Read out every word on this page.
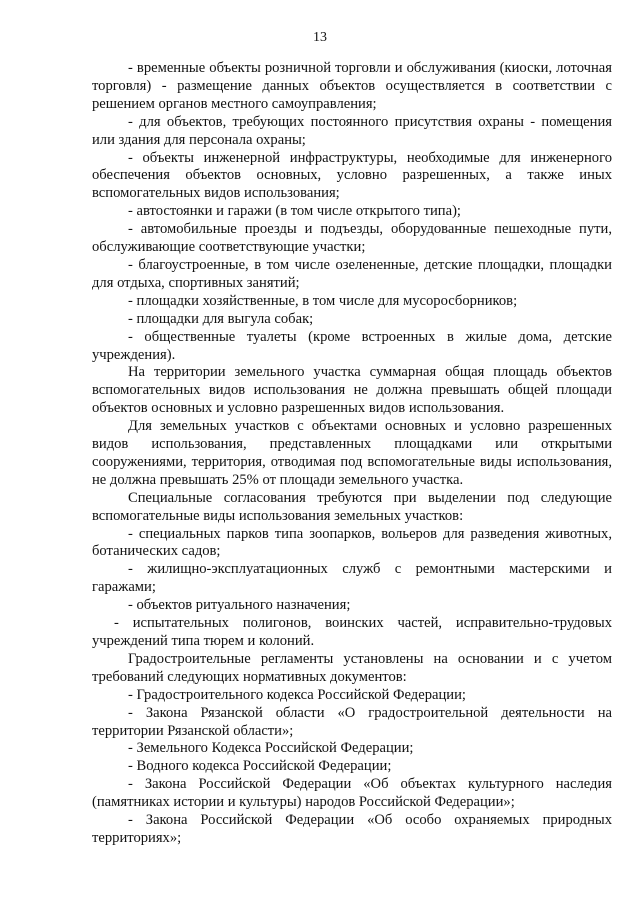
13

- временные объекты розничной торговли и обслуживания (киоски, лоточная торговля) - размещение данных объектов осуществляется в соответствии с решением органов местного самоуправления;

- для объектов, требующих постоянного присутствия охраны - помещения или здания для персонала охраны;

- объекты инженерной инфраструктуры, необходимые для инженерного обеспечения объектов основных, условно разрешенных, а также иных вспомогательных видов использования;

- автостоянки и гаражи (в том числе открытого типа);

- автомобильные проезды и подъезды, оборудованные пешеходные пути, обслуживающие соответствующие участки;

- благоустроенные, в том числе озелененные, детские площадки, площадки для отдыха, спортивных занятий;

- площадки хозяйственные, в том числе для мусоросборников;

- площадки для выгула собак;

- общественные туалеты (кроме встроенных в жилые дома, детские учреждения).

На территории земельного участка суммарная общая площадь объектов вспомогательных видов использования не должна превышать общей площади объектов основных и условно разрешенных видов использования.

Для земельных участков с объектами основных и условно разрешенных видов использования, представленных площадками или открытыми сооружениями, территория, отводимая под вспомогательные виды использования, не должна превышать 25% от площади земельного участка.

Специальные согласования требуются при выделении под следующие вспомогательные виды использования земельных участков:

- специальных парков типа зоопарков, вольеров для разведения животных, ботанических садов;

- жилищно-эксплуатационных служб с ремонтными мастерскими и гаражами;

- объектов ритуального назначения;

- испытательных полигонов, воинских частей, исправительно-трудовых учреждений типа тюрем и колоний.

Градостроительные регламенты установлены на основании и с учетом требований следующих нормативных документов:

- Градостроительного кодекса Российской Федерации;

- Закона Рязанской области «О градостроительной деятельности на территории Рязанской области»;

- Земельного Кодекса Российской Федерации;

- Водного кодекса Российской Федерации;

- Закона Российской Федерации «Об объектах культурного наследия (памятниках истории и культуры) народов Российской Федерации»;

- Закона Российской Федерации «Об особо охраняемых природных территориях»;
